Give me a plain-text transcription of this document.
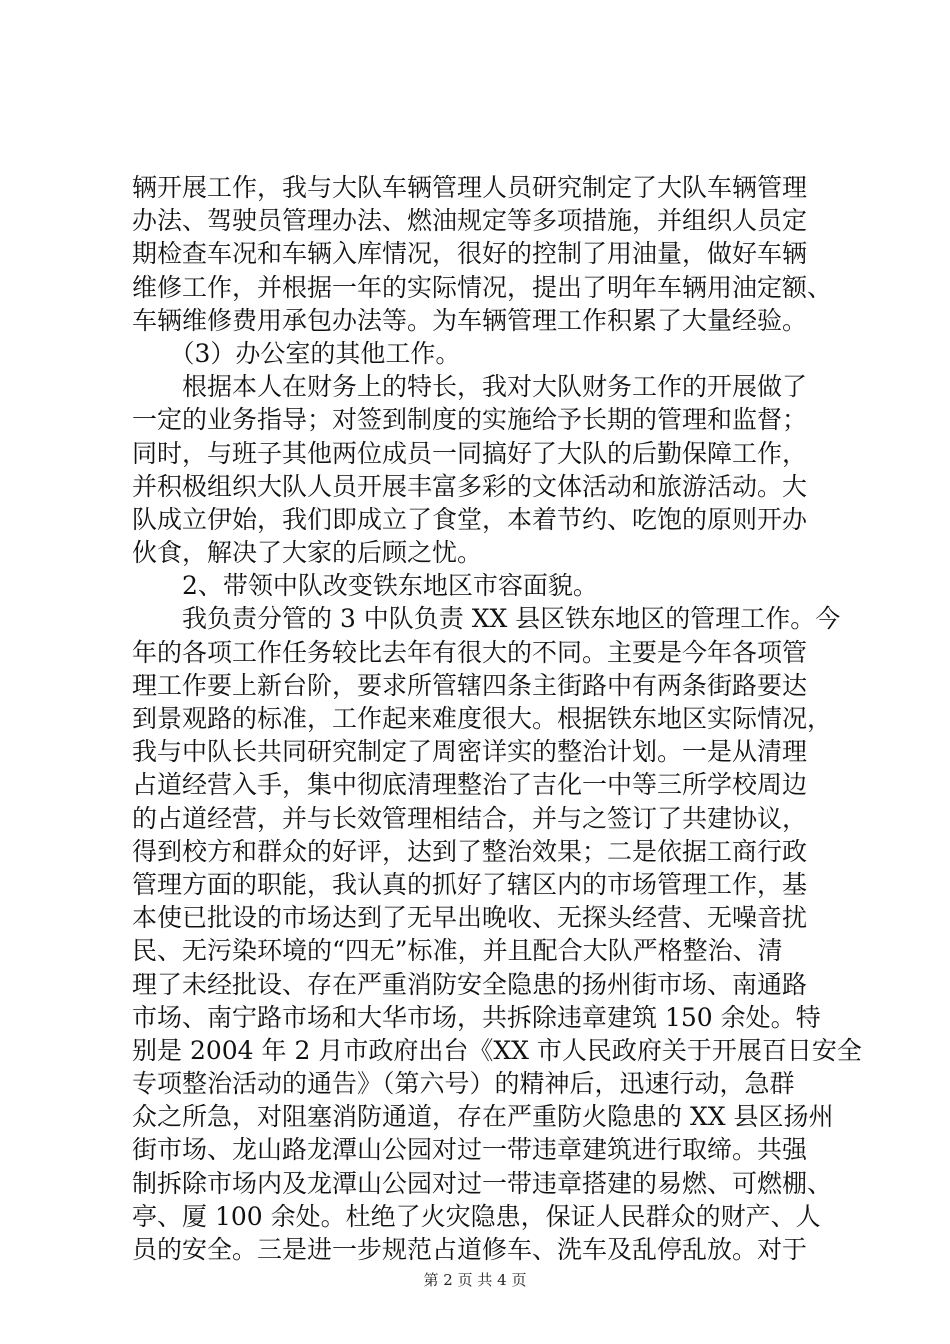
辆开展工作，我与大队车辆管理人员研究制定了大队车辆管理
办法、驾驶员管理办法、燃油规定等多项措施，并组织人员定
期检查车况和车辆入库情况，很好的控制了用油量，做好车辆
维修工作，并根据一年的实际情况，提出了明年车辆用油定额、
车辆维修费用承包办法等。为车辆管理工作积累了大量经验。
　　（3）办公室的其他工作。
　　根据本人在财务上的特长，我对大队财务工作的开展做了
一定的业务指导；对签到制度的实施给予长期的管理和监督；
同时，与班子其他两位成员一同搞好了大队的后勤保障工作，
并积极组织大队人员开展丰富多彩的文体活动和旅游活动。大
队成立伊始，我们即成立了食堂，本着节约、吃饱的原则开办
伙食，解决了大家的后顾之忧。
　　2、带领中队改变铁东地区市容面貌。
　　我负责分管的 3 中队负责 XX 县区铁东地区的管理工作。今
年的各项工作任务较比去年有很大的不同。主要是今年各项管
理工作要上新台阶，要求所管辖四条主街路中有两条街路要达
到景观路的标准，工作起来难度很大。根据铁东地区实际情况，
我与中队长共同研究制定了周密详实的整治计划。一是从清理
占道经营入手，集中彻底清理整治了吉化一中等三所学校周边
的占道经营，并与长效管理相结合，并与之签订了共建协议，
得到校方和群众的好评，达到了整治效果；二是依据工商行政
管理方面的职能，我认真的抓好了辖区内的市场管理工作，基
本使已批设的市场达到了无早出晚收、无探头经营、无噪音扰
民、无污染环境的“四无”标准，并且配合大队严格整治、清
理了未经批设、存在严重消防安全隐患的扬州街市场、南通路
市场、南宁路市场和大华市场，共拆除违章建筑 150 余处。特
别是 2004 年 2 月市政府出台《XX 市人民政府关于开展百日安全
专项整治活动的通告》（第六号）的精神后，迅速行动，急群
众之所急，对阻塞消防通道，存在严重防火隐患的 XX 县区扬州
街市场、龙山路龙潭山公园对过一带违章建筑进行取缔。共强
制拆除市场内及龙潭山公园对过一带违章搭建的易燃、可燃棚、
亭、厦 100 余处。杜绝了火灾隐患，保证人民群众的财产、人
员的安全。三是进一步规范占道修车、洗车及乱停乱放。对于
第 2 页 共 4 页
